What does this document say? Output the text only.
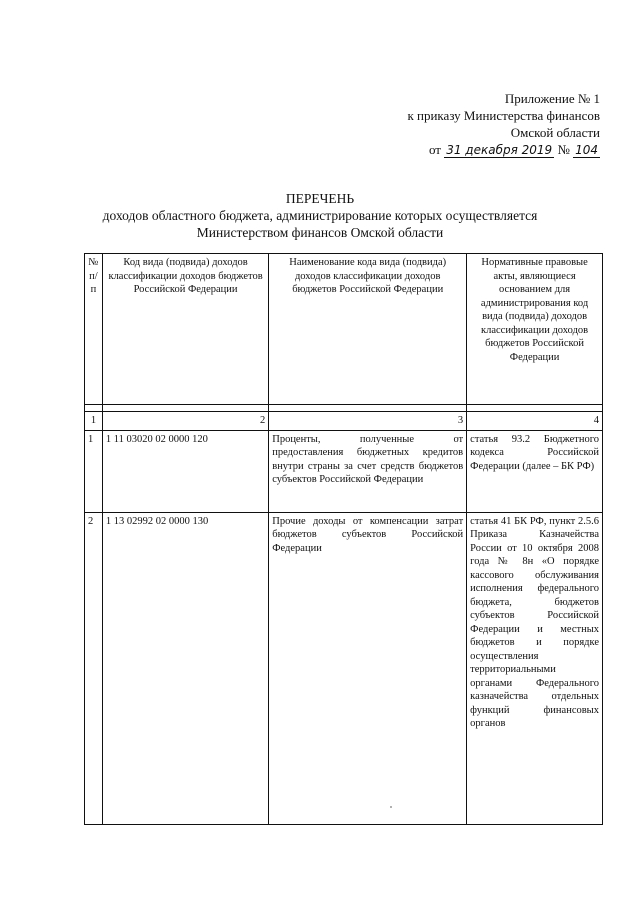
Приложение № 1
к приказу Министерства финансов
Омской области
от 31 декабря 2019 № 104
ПЕРЕЧЕНЬ
доходов областного бюджета, администрирование которых осуществляется
Министерством финансов Омской области
№ п/п	Код вида (подвида) доходов классификации доходов бюджетов Российской Федерации	Наименование кода вида (подвида) доходов классификации доходов бюджетов Российской Федерации	Нормативные правовые акты, являющиеся основанием для администрирования код вида (подвида) доходов классификации доходов бюджетов Российской Федерации

1	2	3	4
1	1 11 03020 02 0000 120	Проценты, полученные от предоставления бюджетных кредитов внутри страны за счет средств бюджетов субъектов Российской Федерации	статья 93.2 Бюджетного кодекса Российской Федерации (далее – БК РФ)
2	1 13 02992 02 0000 130	Прочие доходы от компенсации затрат бюджетов субъектов Российской Федерации	статья 41 БК РФ, пункт 2.5.6 Приказа Казначейства России от 10 октября 2008 года № 8н «О порядке кассового обслуживания исполнения федерального бюджета, бюджетов субъектов Российской Федерации и местных бюджетов и порядке осуществления территориальными органами Федерального казначейства отдельных функций финансовых органов
